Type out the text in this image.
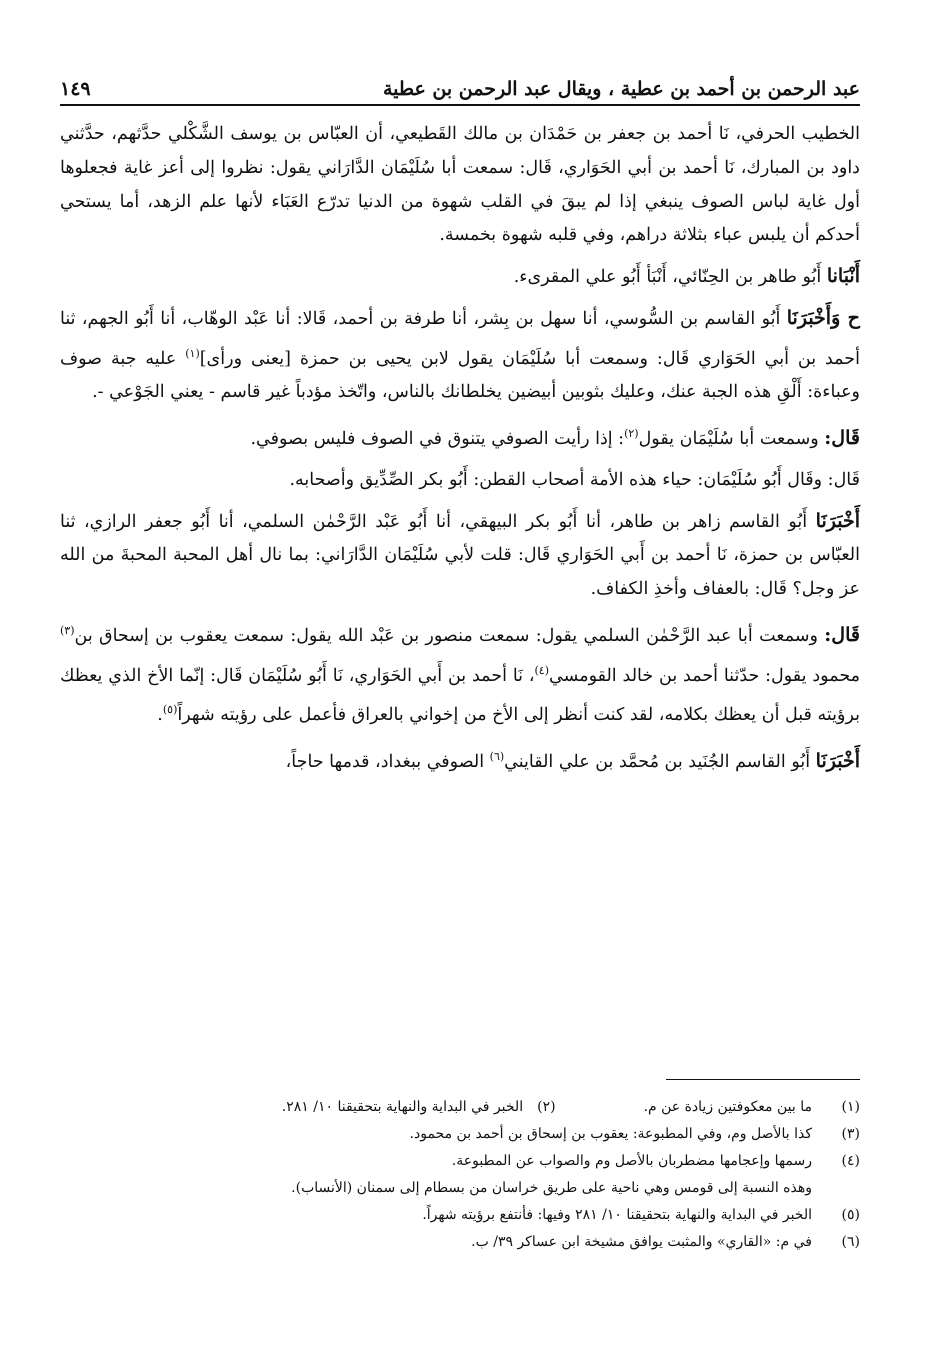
عبد الرحمن بن أحمد بن عطية ، ويقال عبد الرحمن بن عطية
١٤٩

الخطيب الحرفي، نَا أحمد بن جعفر بن حَمْدَان بن مالك القَطيعي، أن العبّاس بن يوسف الشَّكْلي حدَّثهم، حدَّثني داود بن المبارك، نَا أحمد بن أبي الحَوَاري، قَال: سمعت أبا سُلَيْمَان الدَّارَاني يقول: نظروا إلى أعز غاية فجعلوها أول غاية لباس الصوف ينبغي إذا لم يبقَ في القلب شهوة من الدنيا تدرّع العَبَاء لأنها علم الزهد، أما يستحي أحدكم أن يلبس عباء بثلاثة دراهم، وفي قلبه شهوة بخمسة.

أَنْبَانا أَبُو طاهر بن الحِنّائي، أَنْبَأ أَبُو علي المقرىء.

ح وَأَخْبَرَنَا أَبُو القاسم بن السُّوسي، أنا سهل بن بِشر، أنا طرفة بن أحمد، قَالا: أنا عَبْد الوهّاب، أنا أَبُو الجهم، ثنا أحمد بن أبي الحَوَاري قَال: وسمعت أبا سُلَيْمَان يقول لابن يحيى بن حمزة [يعنى ورأى]$^{(١)}$ عليه جبة صوف وعباءة: أَلْقِ هذه الجبة عنك، وعليك بثوبين أبيضين يخلطانك بالناس، واتّخذ مؤدباً غير قاسم - يعني الجَوْعي -.

قَال: وسمعت أبا سُلَيْمَان يقول$^{(٢)}$: إذا رأيت الصوفي يتنوق في الصوف فليس بصوفي.

قَال: وقَال أَبُو سُلَيْمَان: حياء هذه الأمة أصحاب القطن: أَبُو بكر الصِّدِّيق وأصحابه.

أَخْبَرَنَا أَبُو القاسم زاهر بن طاهر، أنا أَبُو بكر البيهقي، أنا أَبُو عَبْد الرَّحْمٰن السلمي، أنا أَبُو جعفر الرازي، ثنا العبّاس بن حمزة، نَا أحمد بن أَبي الحَوَاري قَال: قلت لأبي سُلَيْمَان الدَّارَاني: بما نال أهل المحبة المحبةَ من الله عز وجل؟ قَال: بالعفاف وأخذِ الكفاف.

قَال: وسمعت أبا عبد الرَّحْمٰن السلمي يقول: سمعت منصور بن عَبْد الله يقول: سمعت يعقوب بن إسحاق بن$^{(٣)}$ محمود يقول: حدّثنا أحمد بن خالد القومسي$^{(٤)}$، نَا أحمد بن أَبي الحَوَاري، نَا أَبُو سُلَيْمَان قَال: إنّما الأخ الذي يعظك برؤيته قبل أن يعظك بكلامه، لقد كنت أنظر إلى الأخ من إخواني بالعراق فأعمل على رؤيته شهراً$^{(٥)}$.

أَخْبَرَنَا أَبُو القاسم الجُنَيد بن مُحمَّد بن علي القايني$^{(٦)}$ الصوفي ببغداد، قدمها حاجاً،

(١)
ما بين معكوفتين زيادة عن م.
(٢)
الخبر في البداية والنهاية بتحقيقنا ١٠/ ٢٨١.
(٣)
كذا بالأصل وم، وفي المطبوعة: يعقوب بن إسحاق بن أحمد بن محمود.
(٤)
رسمها وإعجامها مضطربان بالأصل وم والصواب عن المطبوعة.
وهذه النسبة إلى قومس وهي ناحية على طريق خراسان من بسطام إلى سمنان (الأنساب).
(٥)
الخبر في البداية والنهاية بتحقيقنا ١٠/ ٢٨١ وفيها: فأنتفع برؤيته شهراً.
(٦)
في م: «القاري» والمثبت يوافق مشيخة ابن عساكر ٣٩/ ب.
